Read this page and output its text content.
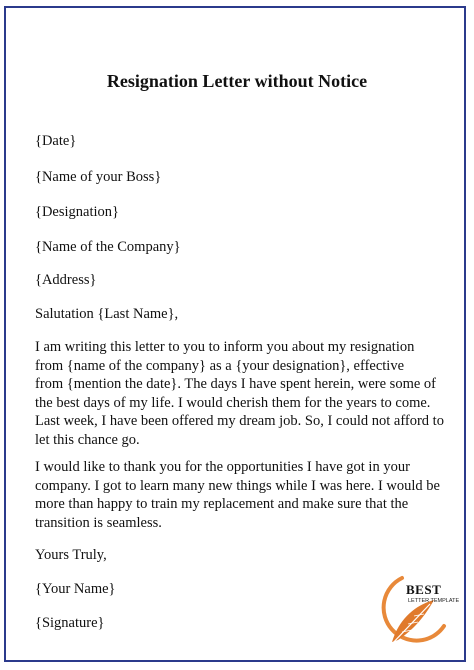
Resignation Letter without Notice

{Date}

{Name of your Boss}

{Designation}

{Name of the Company}

{Address}

Salutation {Last Name},

I am writing this letter to you to inform you about my resignation
from {name of the company} as a {your designation}, effective
from {mention the date}. The days I have spent herein, were some of
the best days of my life. I would cherish them for the years to come.
Last week, I have been offered my dream job. So, I could not afford to
let this chance go.
I would like to thank you for the opportunities I have got in your
company. I got to learn many new things while I was here. I would be
more than happy to train my replacement and make sure that the
transition is seamless.

Yours Truly,

{Your Name}

{Signature}

BEST
LETTER TEMPLATE
